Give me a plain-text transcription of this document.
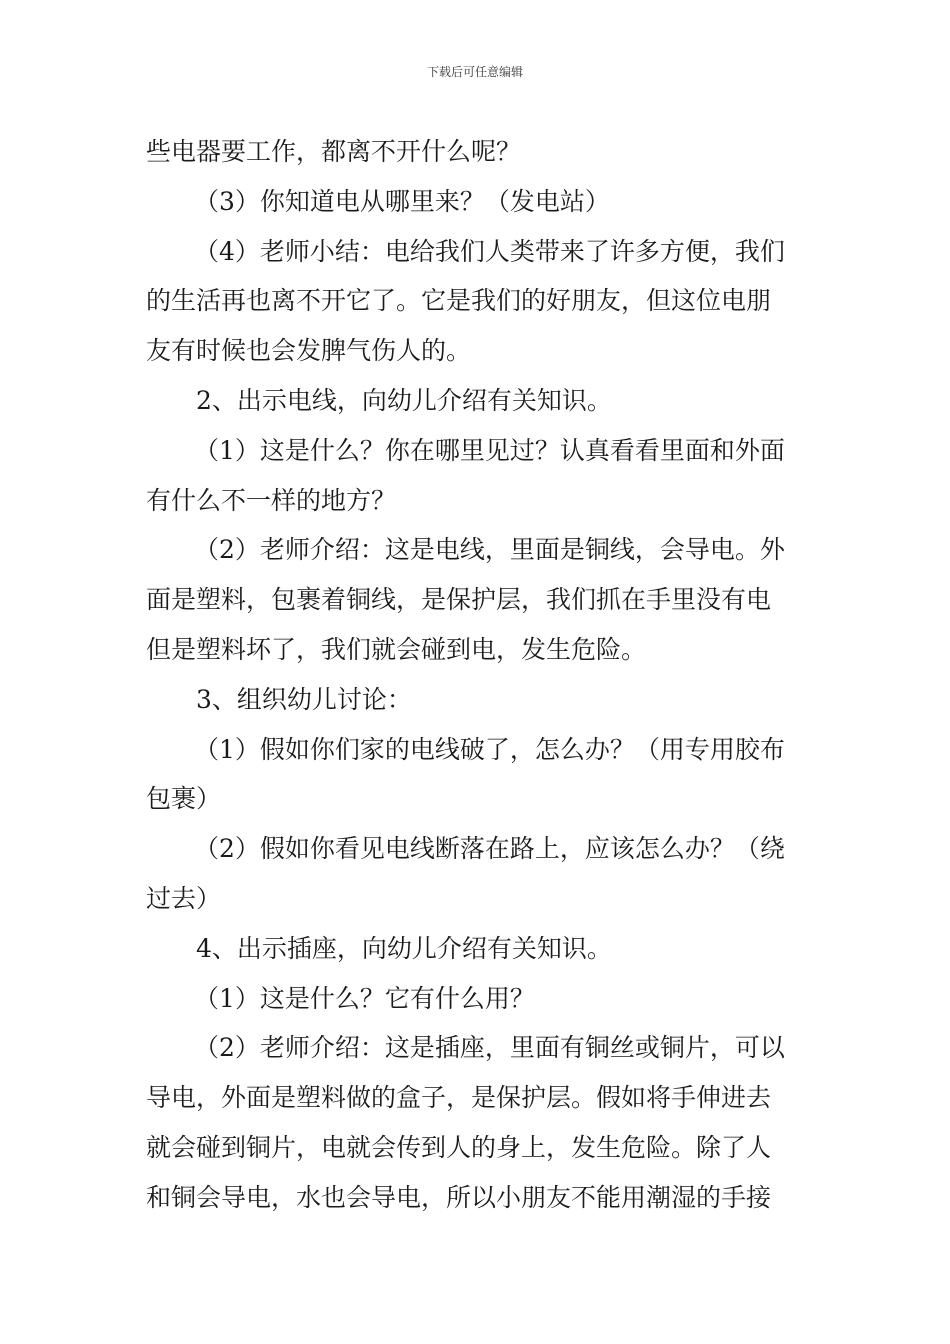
下载后可任意编辑
些电器要工作，都离不开什么呢？
（3）你知道电从哪里来？（发电站）
（4）老师小结：电给我们人类带来了许多方便，我们
的生活再也离不开它了。它是我们的好朋友，但这位电朋
友有时候也会发脾气伤人的。
2、出示电线，向幼儿介绍有关知识。
（1）这是什么？你在哪里见过？认真看看里面和外面
有什么不一样的地方？
（2）老师介绍：这是电线，里面是铜线，会导电。外
面是塑料，包裹着铜线，是保护层，我们抓在手里没有电
但是塑料坏了，我们就会碰到电，发生危险。
3、组织幼儿讨论：
（1）假如你们家的电线破了，怎么办？（用专用胶布
包裹）
（2）假如你看见电线断落在路上，应该怎么办？（绕
过去）
4、出示插座，向幼儿介绍有关知识。
（1）这是什么？它有什么用？
（2）老师介绍：这是插座，里面有铜丝或铜片，可以
导电，外面是塑料做的盒子，是保护层。假如将手伸进去
就会碰到铜片，电就会传到人的身上，发生危险。除了人
和铜会导电，水也会导电，所以小朋友不能用潮湿的手接
